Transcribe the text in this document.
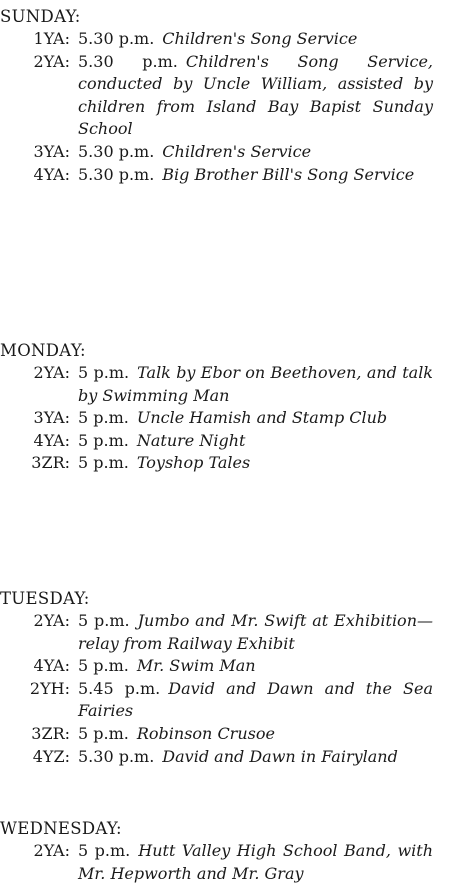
SUNDAY:
1YA: 5.30 p.m. Children's Song Service
2YA: 5.30 p.m. Children's Song Service, conducted by Uncle William, assisted by children from Island Bay Bapist Sunday School
3YA: 5.30 p.m. Children's Service
4YA: 5.30 p.m. Big Brother Bill's Song Service
MONDAY:
2YA: 5 p.m. Talk by Ebor on Beethoven, and talk by Swimming Man
3YA: 5 p.m. Uncle Hamish and Stamp Club
4YA: 5 p.m. Nature Night
3ZR: 5 p.m. Toyshop Tales
TUESDAY:
2YA: 5 p.m. Jumbo and Mr. Swift at Exhibition—relay from Railway Exhibit
4YA: 5 p.m. Mr. Swim Man
2YH: 5.45 p.m. David and Dawn and the Sea Fairies
3ZR: 5 p.m. Robinson Crusoe
4YZ: 5.30 p.m. David and Dawn in Fairyland
WEDNESDAY:
2YA: 5 p.m. Hutt Valley High School Band, with Mr. Hepworth and Mr. Gray
